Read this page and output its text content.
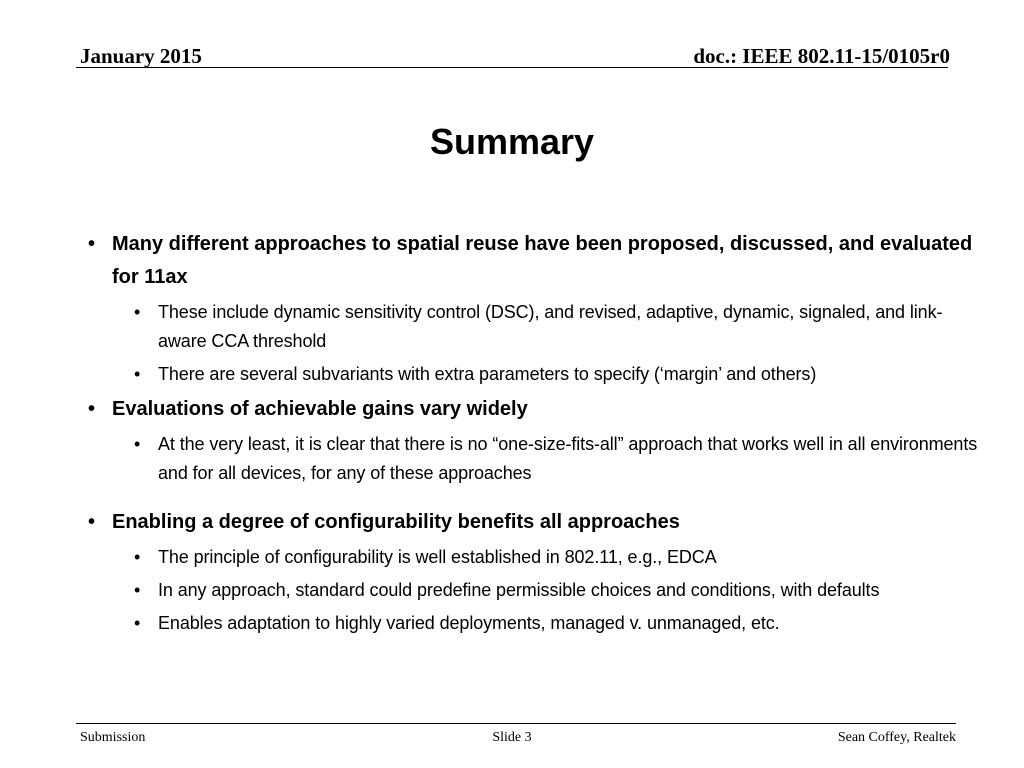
January 2015	doc.: IEEE 802.11-15/0105r0
Summary
• Many different approaches to spatial reuse have been proposed, discussed, and evaluated for 11ax
• These include dynamic sensitivity control (DSC), and revised, adaptive, dynamic, signaled, and link-aware CCA threshold
• There are several subvariants with extra parameters to specify (‘margin’ and others)
• Evaluations of achievable gains vary widely
• At the very least, it is clear that there is no “one-size-fits-all” approach that works well in all environments and for all devices, for any of these approaches
• Enabling a degree of configurability benefits all approaches
• The principle of configurability is well established in 802.11, e.g., EDCA
• In any approach, standard could predefine permissible choices and conditions, with defaults
• Enables adaptation to highly varied deployments, managed v. unmanaged, etc.
Submission	Slide 3	Sean Coffey, Realtek
